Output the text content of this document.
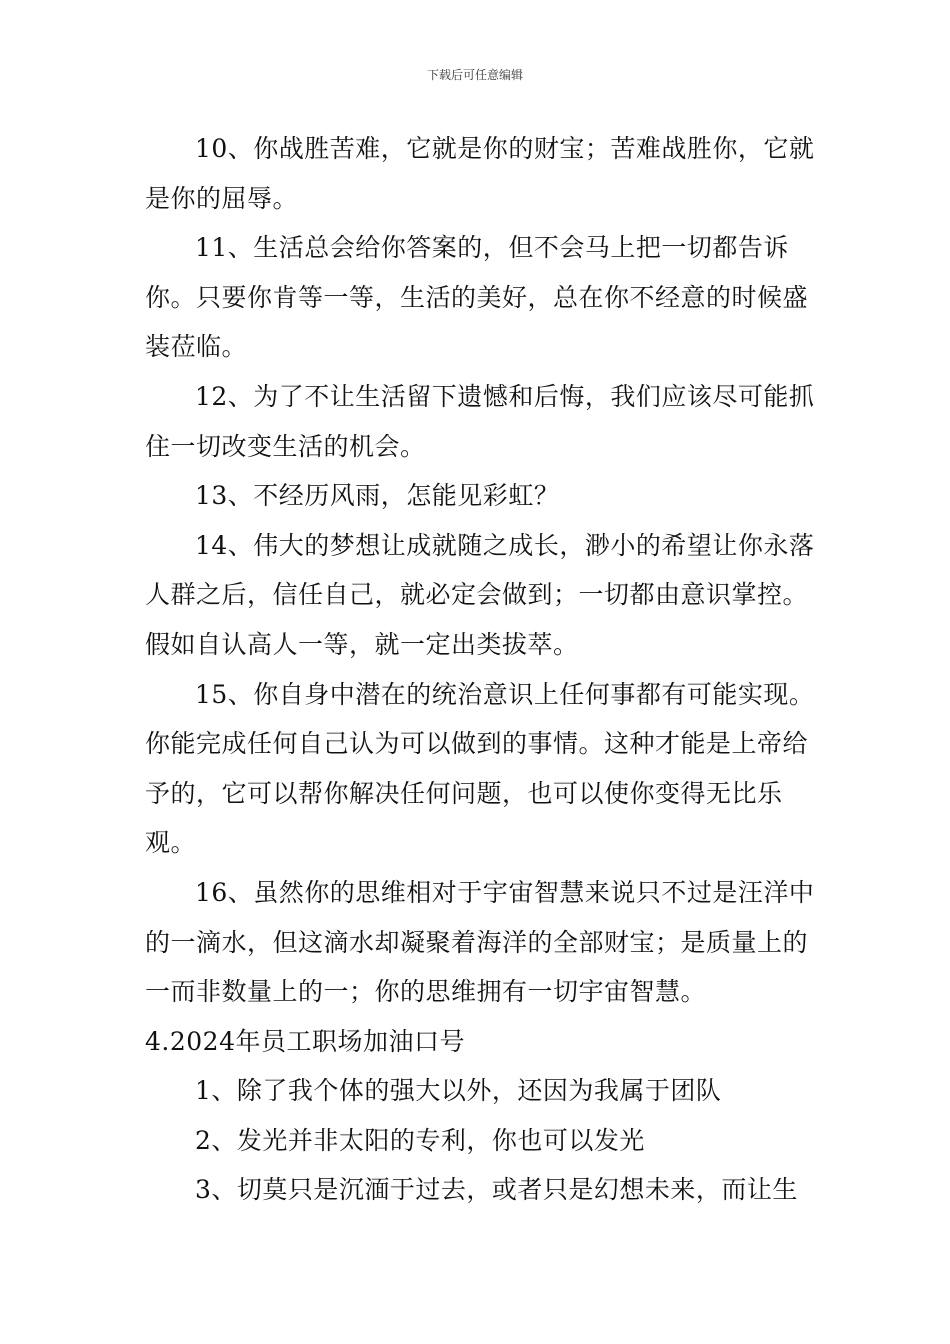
下载后可任意编辑

10、你战胜苦难，它就是你的财宝；苦难战胜你，它就是你的屈辱。

11、生活总会给你答案的，但不会马上把一切都告诉你。只要你肯等一等，生活的美好，总在你不经意的时候盛装莅临。

12、为了不让生活留下遗憾和后悔，我们应该尽可能抓住一切改变生活的机会。

13、不经历风雨，怎能见彩虹？

14、伟大的梦想让成就随之成长，渺小的希望让你永落人群之后，信任自己，就必定会做到；一切都由意识掌控。假如自认高人一等，就一定出类拔萃。

15、你自身中潜在的统治意识上任何事都有可能实现。你能完成任何自己认为可以做到的事情。这种才能是上帝给予的，它可以帮你解决任何问题，也可以使你变得无比乐观。

16、虽然你的思维相对于宇宙智慧来说只不过是汪洋中的一滴水，但这滴水却凝聚着海洋的全部财宝；是质量上的一而非数量上的一；你的思维拥有一切宇宙智慧。

4.2024年员工职场加油口号

1、除了我个体的强大以外，还因为我属于团队

2、发光并非太阳的专利，你也可以发光

3、切莫只是沉湎于过去，或者只是幻想未来，而让生
